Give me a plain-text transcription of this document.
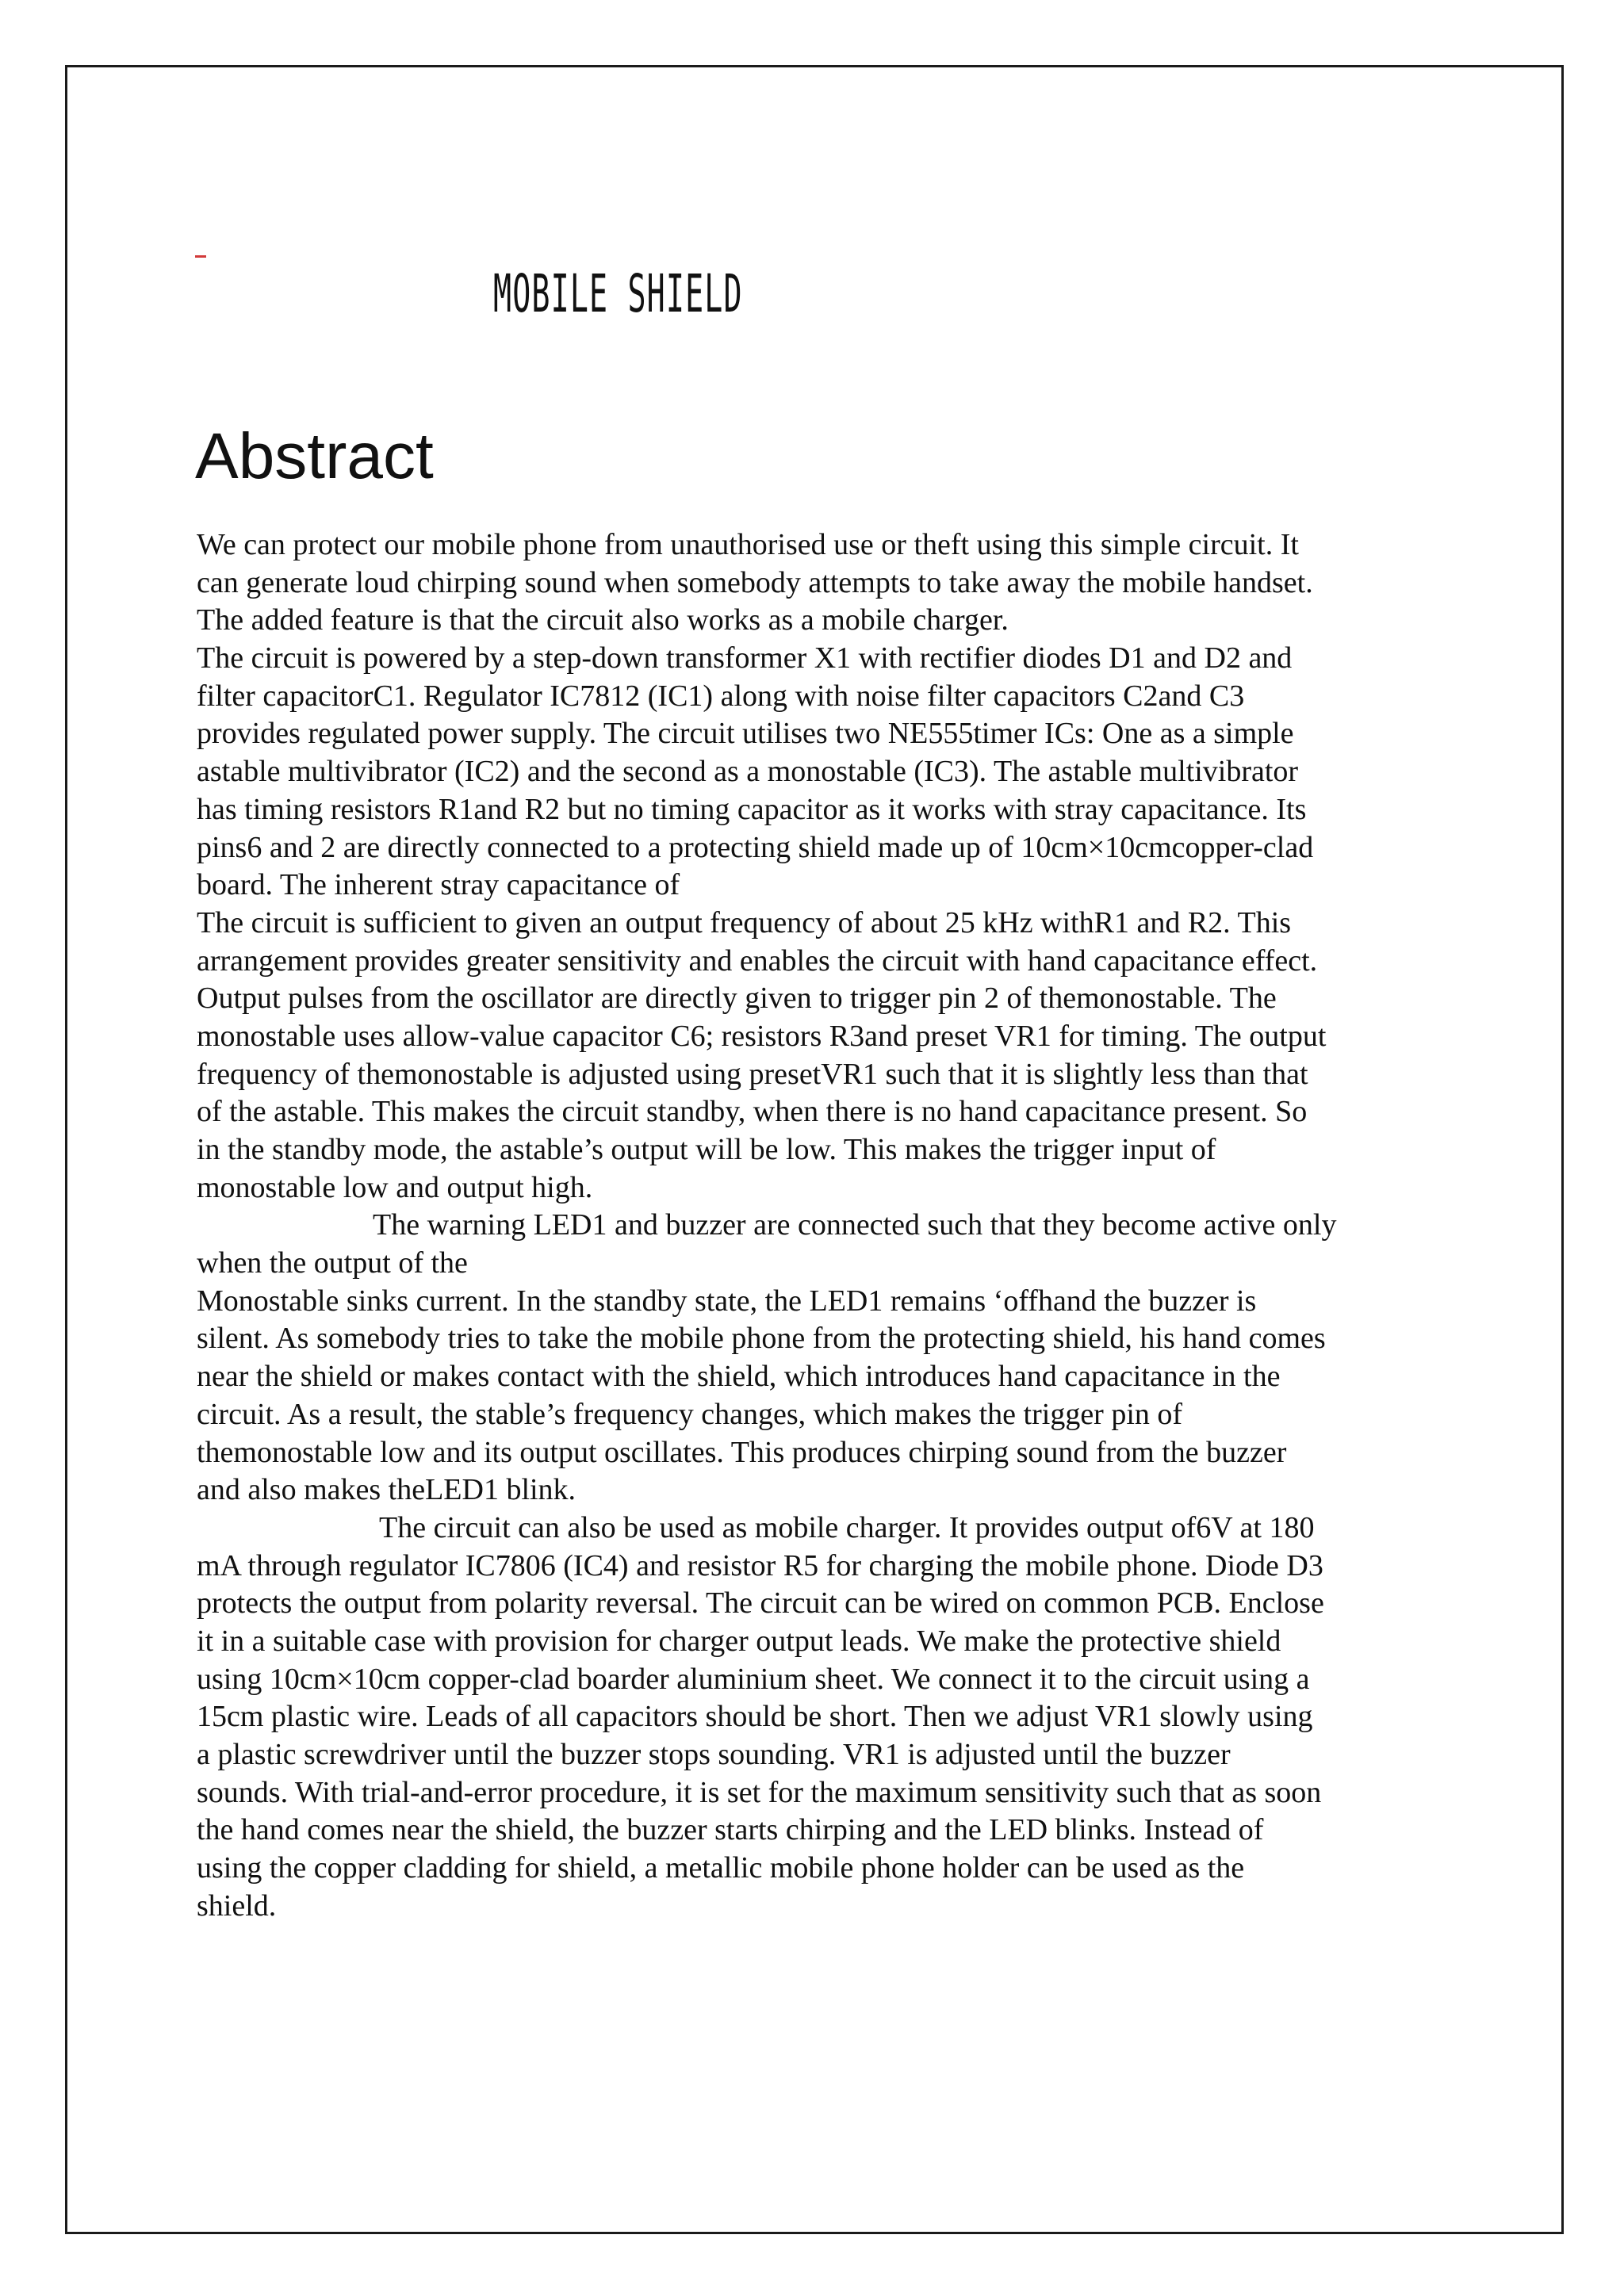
MOBILE SHIELD
Abstract
We can protect our mobile phone from unauthorised use or theft using this simple circuit. It
can generate loud chirping sound when somebody attempts to take away the mobile handset.
The added feature is that the circuit also works as a mobile charger.
The circuit is powered by a step-down transformer X1 with rectifier diodes D1 and D2 and
filter capacitorC1. Regulator IC7812 (IC1) along with noise filter capacitors C2and C3
provides regulated power supply. The circuit utilises two NE555timer ICs: One as a simple
astable multivibrator (IC2) and the second as a monostable (IC3). The astable multivibrator
has timing resistors R1and R2 but no timing capacitor as it works with stray capacitance. Its
pins6 and 2 are directly connected to a protecting shield made up of 10cm×10cmcopper-clad
board. The inherent stray capacitance of
The circuit is sufficient to given an output frequency of about 25 kHz withR1 and R2. This
arrangement provides greater sensitivity and enables the circuit with hand capacitance effect.
Output pulses from the oscillator are directly given to trigger pin 2 of themonostable. The
monostable uses allow-value capacitor C6; resistors R3and preset VR1 for timing. The output
frequency of themonostable is adjusted using presetVR1 such that it is slightly less than that
of the astable. This makes the circuit standby, when there is no hand capacitance present. So
in the standby mode, the astable’s output will be low. This makes the trigger input of
monostable low and output high.
The warning LED1 and buzzer are connected such that they become active only
when the output of the
Monostable sinks current. In the standby state, the LED1 remains ‘offhand the buzzer is
silent. As somebody tries to take the mobile phone from the protecting shield, his hand comes
near the shield or makes contact with the shield, which introduces hand capacitance in the
circuit. As a result, the stable’s frequency changes, which makes the trigger pin of
themonostable low and its output oscillates. This produces chirping sound from the buzzer
and also makes theLED1 blink.
The circuit can also be used as mobile charger. It provides output of6V at 180
mA through regulator IC7806 (IC4) and resistor R5 for charging the mobile phone. Diode D3
protects the output from polarity reversal. The circuit can be wired on common PCB. Enclose
it in a suitable case with provision for charger output leads. We make the protective shield
using 10cm×10cm copper-clad boarder aluminium sheet. We connect it to the circuit using a
15cm plastic wire. Leads of all capacitors should be short. Then we adjust VR1 slowly using
a plastic screwdriver until the buzzer stops sounding. VR1 is adjusted until the buzzer
sounds. With trial-and-error procedure, it is set for the maximum sensitivity such that as soon
the hand comes near the shield, the buzzer starts chirping and the LED blinks. Instead of
using the copper cladding for shield, a metallic mobile phone holder can be used as the
shield.
